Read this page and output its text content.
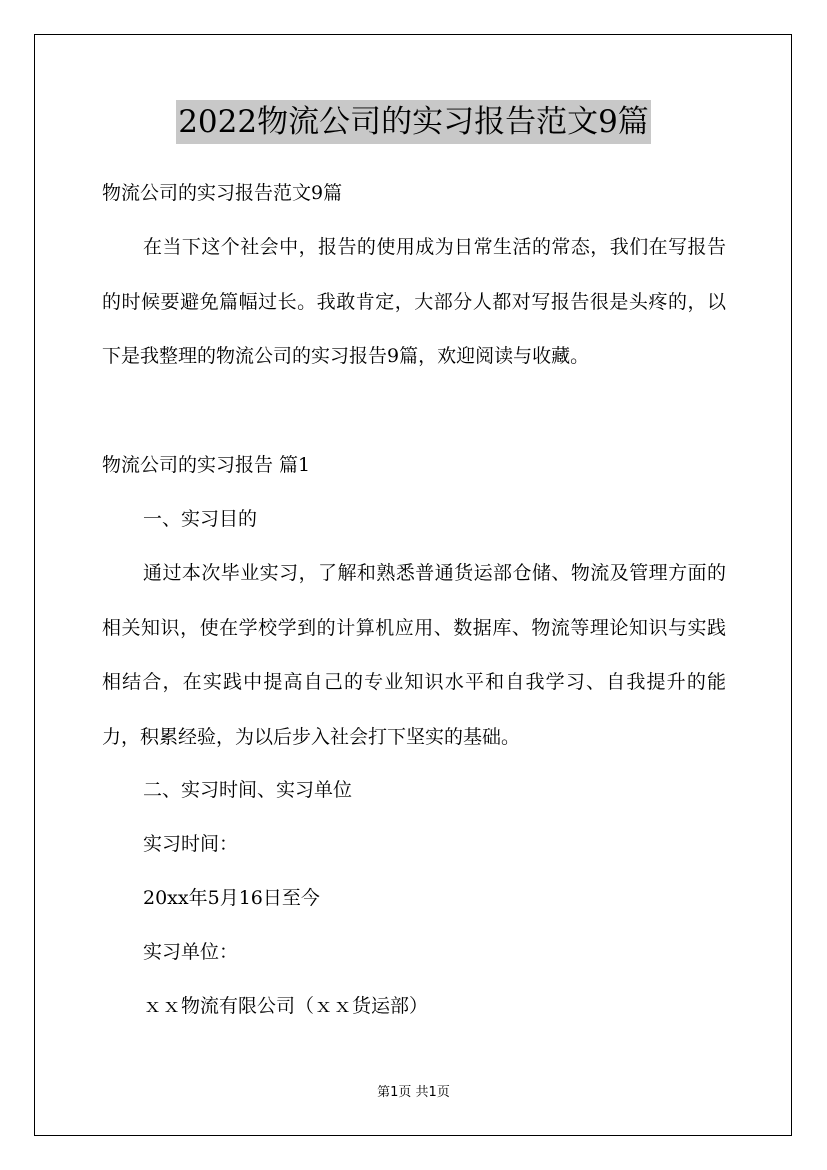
2022物流公司的实习报告范文9篇

物流公司的实习报告范文9篇

在当下这个社会中，报告的使用成为日常生活的常态，我们在写报告的时候要避免篇幅过长。我敢肯定，大部分人都对写报告很是头疼的，以下是我整理的物流公司的实习报告9篇，欢迎阅读与收藏。

物流公司的实习报告 篇1

一、实习目的

通过本次毕业实习，了解和熟悉普通货运部仓储、物流及管理方面的相关知识，使在学校学到的计算机应用、数据库、物流等理论知识与实践相结合，在实践中提高自己的专业知识水平和自我学习、自我提升的能力，积累经验，为以后步入社会打下坚实的基础。

二、实习时间、实习单位

实习时间：

20xx年5月16日至今

实习单位：

ｘｘ物流有限公司（ｘｘ货运部）

第1页 共1页
